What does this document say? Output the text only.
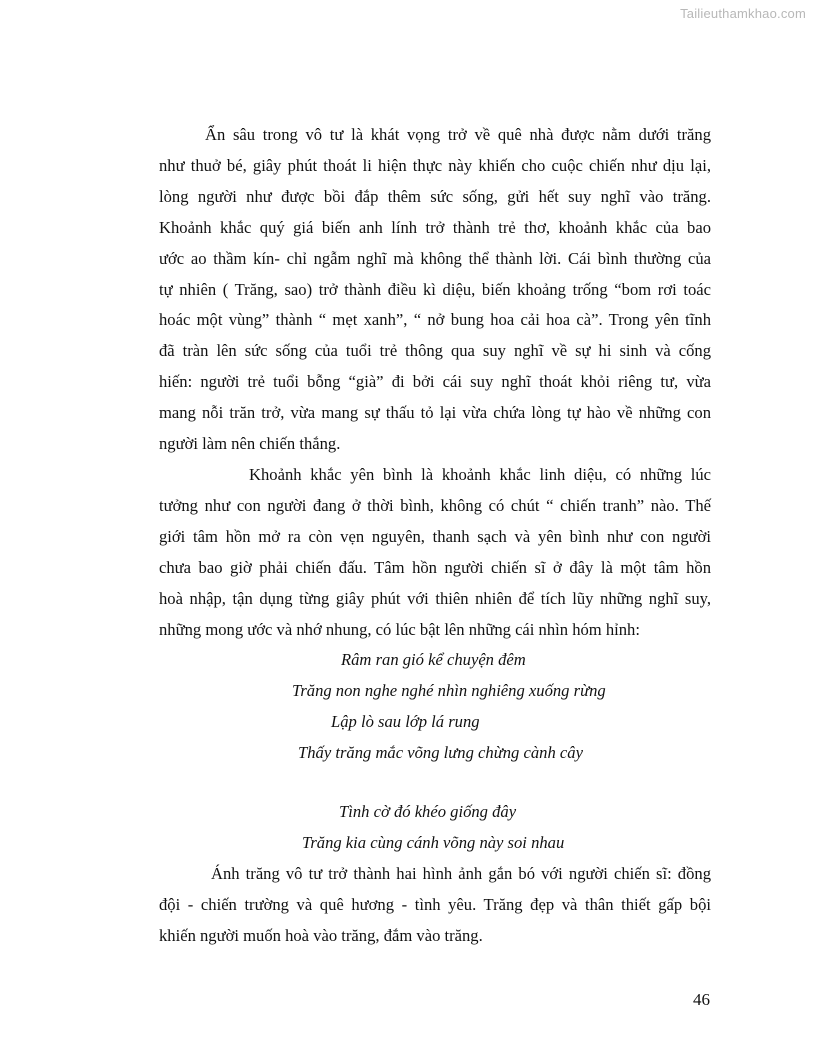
Tailieuthamkhao.com

Ẩn sâu trong vô tư là khát vọng trở về quê nhà được nằm dưới trăng
như thuở bé, giây phút thoát li hiện thực này khiến cho cuộc chiến như dịu lại,
lòng người như được bồi đắp thêm sức sống, gửi hết suy nghĩ vào trăng.
Khoảnh khắc quý giá biến anh lính trở thành trẻ thơ, khoảnh khắc của bao
ước ao thầm kín- chỉ ngẫm nghĩ mà không thể thành lời. Cái bình thường của
tự nhiên ( Trăng, sao) trở thành điều kì diệu, biến khoảng trống “bom rơi toác
hoác một vùng” thành “ mẹt xanh”, “ nở bung hoa cải hoa cà”. Trong yên tĩnh
đã tràn lên sức sống của tuổi trẻ thông qua suy nghĩ về sự hi sinh và cống
hiến: người trẻ tuổi bỗng “già” đi bởi cái suy nghĩ thoát khỏi riêng tư, vừa
mang nỗi trăn trở, vừa mang sự thấu tỏ lại vừa chứa lòng tự hào về những con
người làm nên chiến thắng.

Khoảnh khắc yên bình là khoảnh khắc linh diệu, có những lúc
tưởng như con người đang ở thời bình, không có chút “ chiến tranh” nào. Thế
giới tâm hồn mở ra còn vẹn nguyên, thanh sạch và yên bình như con người
chưa bao giờ phải chiến đấu. Tâm hồn người chiến sĩ ở đây là một tâm hồn
hoà nhập, tận dụng từng giây phút với thiên nhiên để tích lũy những nghĩ suy,
những mong ước và nhớ nhung, có lúc bật lên những cái nhìn hóm hỉnh:

Râm ran gió kể chuyện đêm
Trăng non nghe nghé nhìn nghiêng xuống rừng
Lập lò sau lớp lá rung
Thấy trăng mắc võng lưng chừng cành cây
Tình cờ đó khéo giống đây
Trăng kia cùng cánh võng này soi nhau

Ánh trăng vô tư trở thành hai hình ảnh gắn bó với người chiến sĩ: đồng
đội - chiến trường và quê hương - tình yêu. Trăng đẹp và thân thiết gấp bội
khiến người muốn hoà vào trăng, đắm vào trăng.

46
